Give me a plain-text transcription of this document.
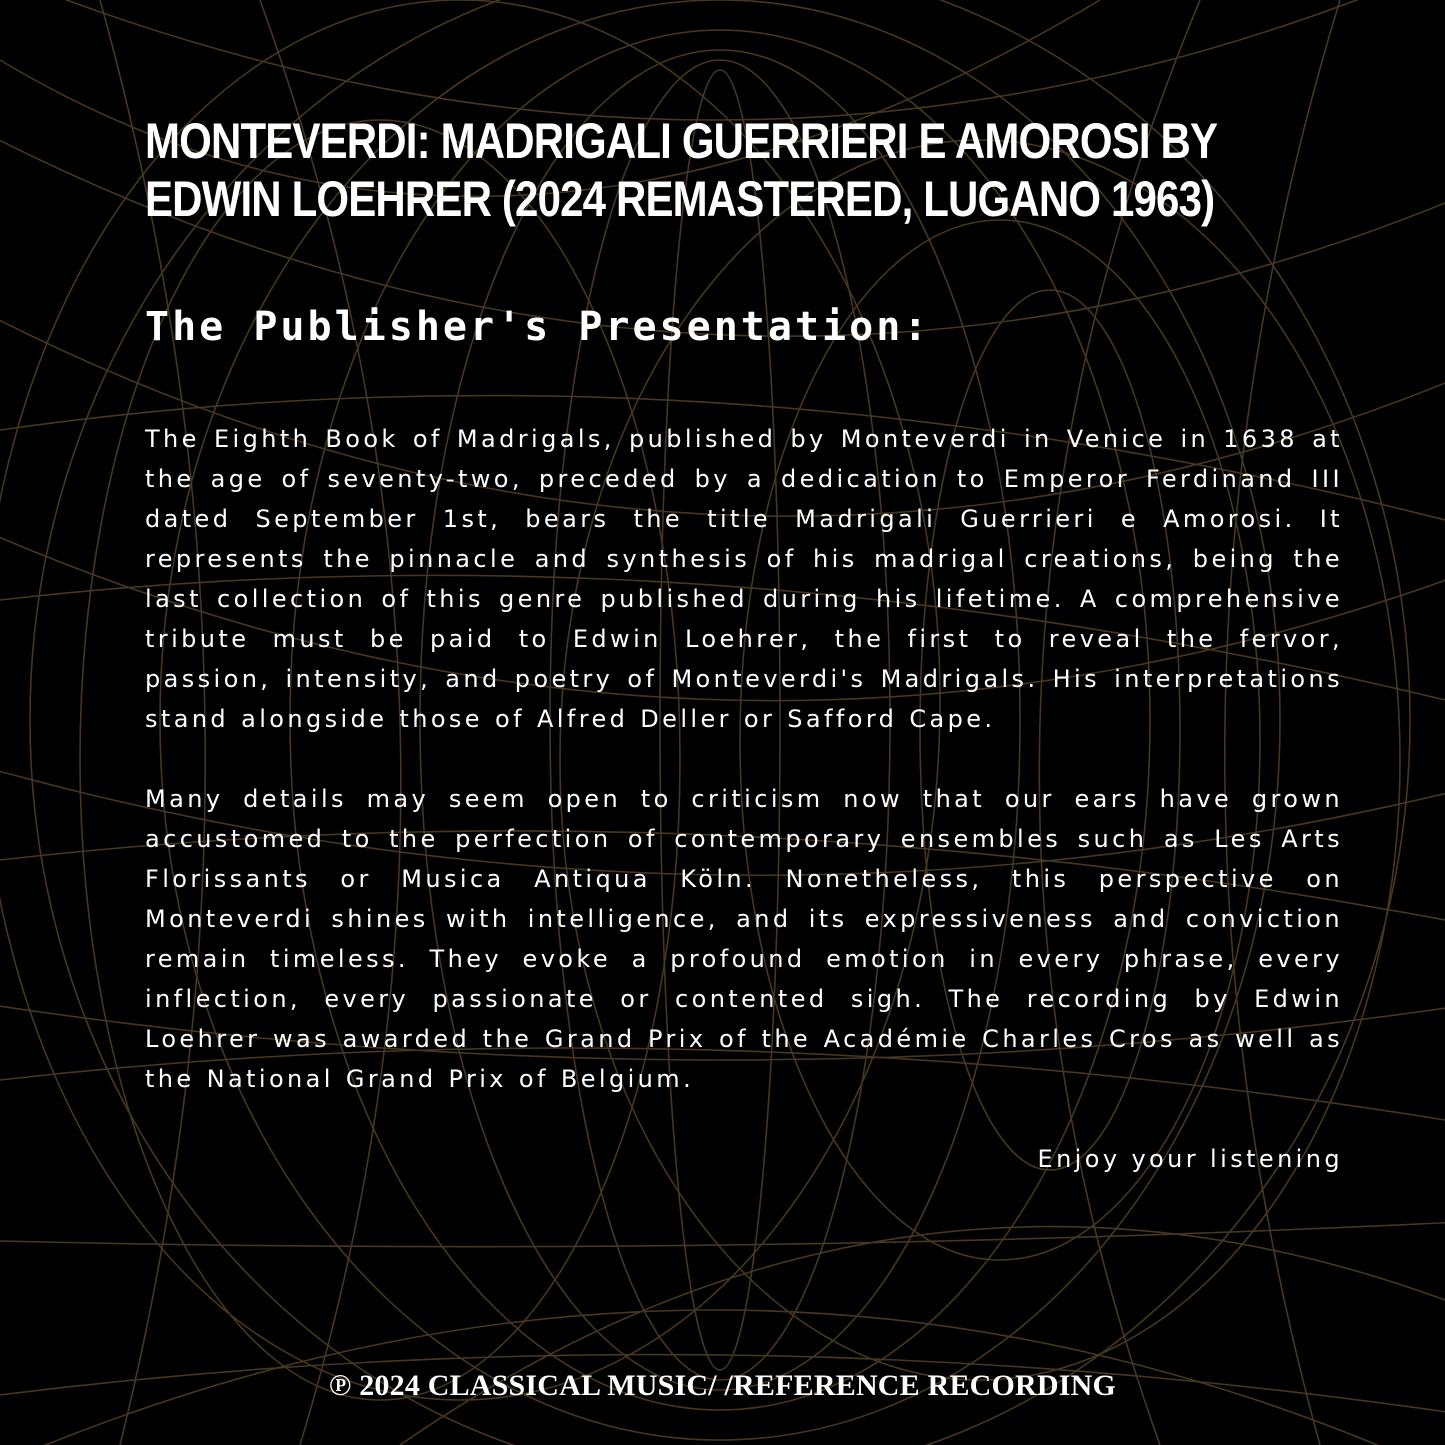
MONTEVERDI: MADRIGALI GUERRIERI E AMOROSI BY
EDWIN LOEHRER (2024 REMASTERED, LUGANO 1963)
The Publisher's Presentation:

The Eighth Book of Madrigals, published by Monteverdi in Venice in 1638 at the age of seventy-two, preceded by a dedication to Emperor Ferdinand III dated September 1st, bears the title Madrigali Guerrieri e Amorosi. It represents the pinnacle and synthesis of his madrigal creations, being the last collection of this genre published during his lifetime. A comprehensive tribute must be paid to Edwin Loehrer, the first to reveal the fervor, passion, intensity, and poetry of Monteverdi's Madrigals. His interpretations stand alongside those of Alfred Deller or Safford Cape.

Many details may seem open to criticism now that our ears have grown accustomed to the perfection of contemporary ensembles such as Les Arts Florissants or Musica Antiqua Köln. Nonetheless, this perspective on Monteverdi shines with intelligence, and its expressiveness and conviction remain timeless. They evoke a profound emotion in every phrase, every inflection, every passionate or contented sigh. The recording by Edwin Loehrer was awarded the Grand Prix of the Académie Charles Cros as well as the National Grand Prix of Belgium.

Enjoy your listening
℗ 2024 CLASSICAL MUSIC/ /REFERENCE RECORDING
